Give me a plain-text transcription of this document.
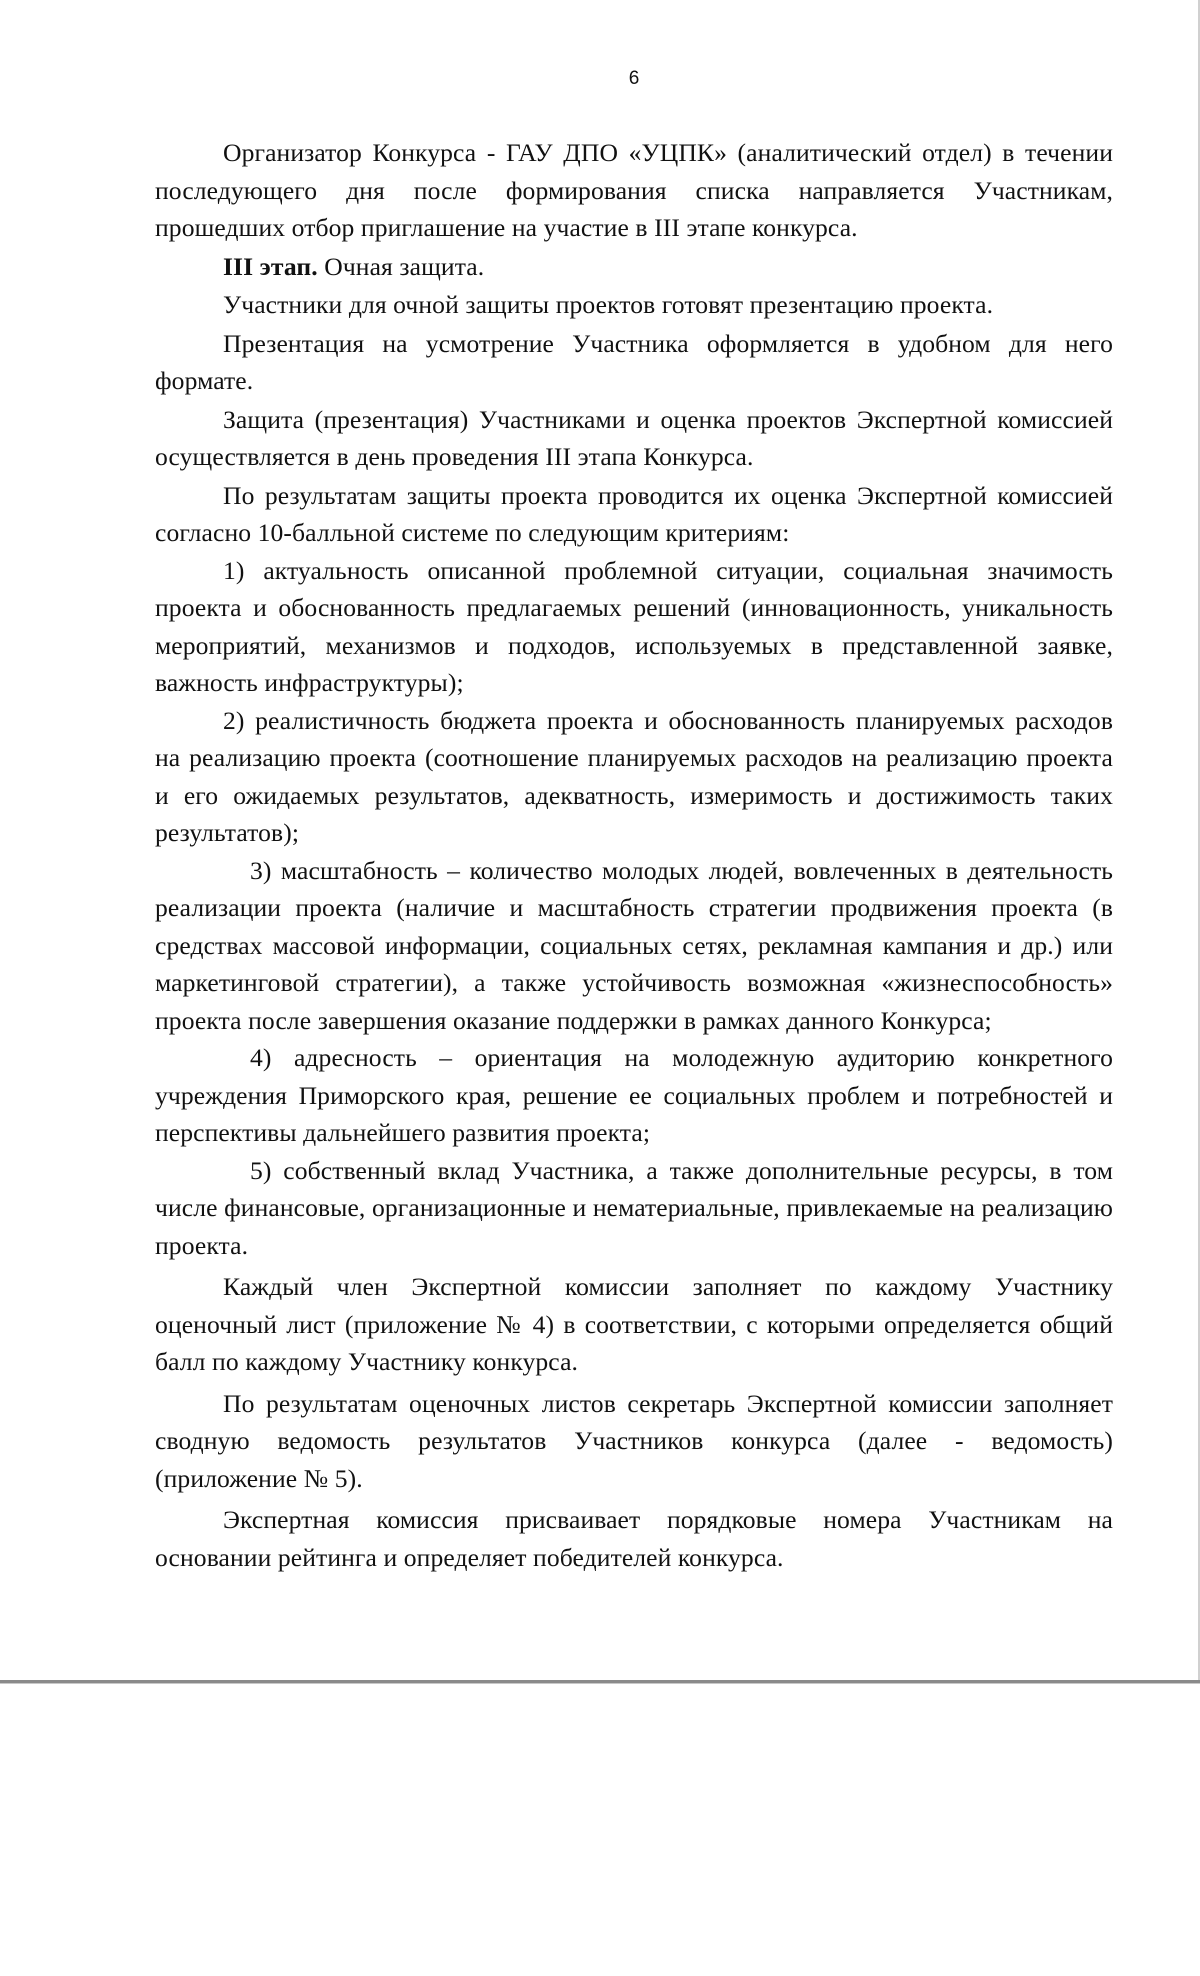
6

Организатор Конкурса - ГАУ ДПО «УЦПК» (аналитический отдел) в течении последующего дня после формирования списка направляется Участникам, прошедших отбор приглашение на участие в III этапе конкурса.

III этап. Очная защита.

Участники для очной защиты проектов готовят презентацию проекта.

Презентация на усмотрение Участника оформляется в удобном для него формате.

Защита (презентация) Участниками и оценка проектов Экспертной комиссией осуществляется в день проведения III этапа Конкурса.

По результатам защиты проекта проводится их оценка Экспертной комиссией согласно 10-балльной системе по следующим критериям:

1) актуальность описанной проблемной ситуации, социальная значимость проекта и обоснованность предлагаемых решений (инновационность, уникальность мероприятий, механизмов и подходов, используемых в представленной заявке, важность инфраструктуры);

2) реалистичность бюджета проекта и обоснованность планируемых расходов на реализацию проекта (соотношение планируемых расходов на реализацию проекта и его ожидаемых результатов, адекватность, измеримость и достижимость таких результатов);

3) масштабность – количество молодых людей, вовлеченных в деятельность реализации проекта (наличие и масштабность стратегии продвижения проекта (в средствах массовой информации, социальных сетях, рекламная кампания и др.) или маркетинговой стратегии), а также устойчивость возможная «жизнеспособность» проекта после завершения оказание поддержки в рамках данного Конкурса;

4) адресность – ориентация на молодежную аудиторию конкретного учреждения Приморского края, решение ее социальных проблем и потребностей и перспективы дальнейшего развития проекта;

5) собственный вклад Участника, а также дополнительные ресурсы, в том числе финансовые, организационные и нематериальные, привлекаемые на реализацию проекта.

Каждый член Экспертной комиссии заполняет по каждому Участнику оценочный лист (приложение № 4) в соответствии, с которыми определяется общий балл по каждому Участнику конкурса.

По результатам оценочных листов секретарь Экспертной комиссии заполняет сводную ведомость результатов Участников конкурса (далее - ведомость) (приложение № 5).

Экспертная комиссия присваивает порядковые номера Участникам на основании рейтинга и определяет победителей конкурса.
